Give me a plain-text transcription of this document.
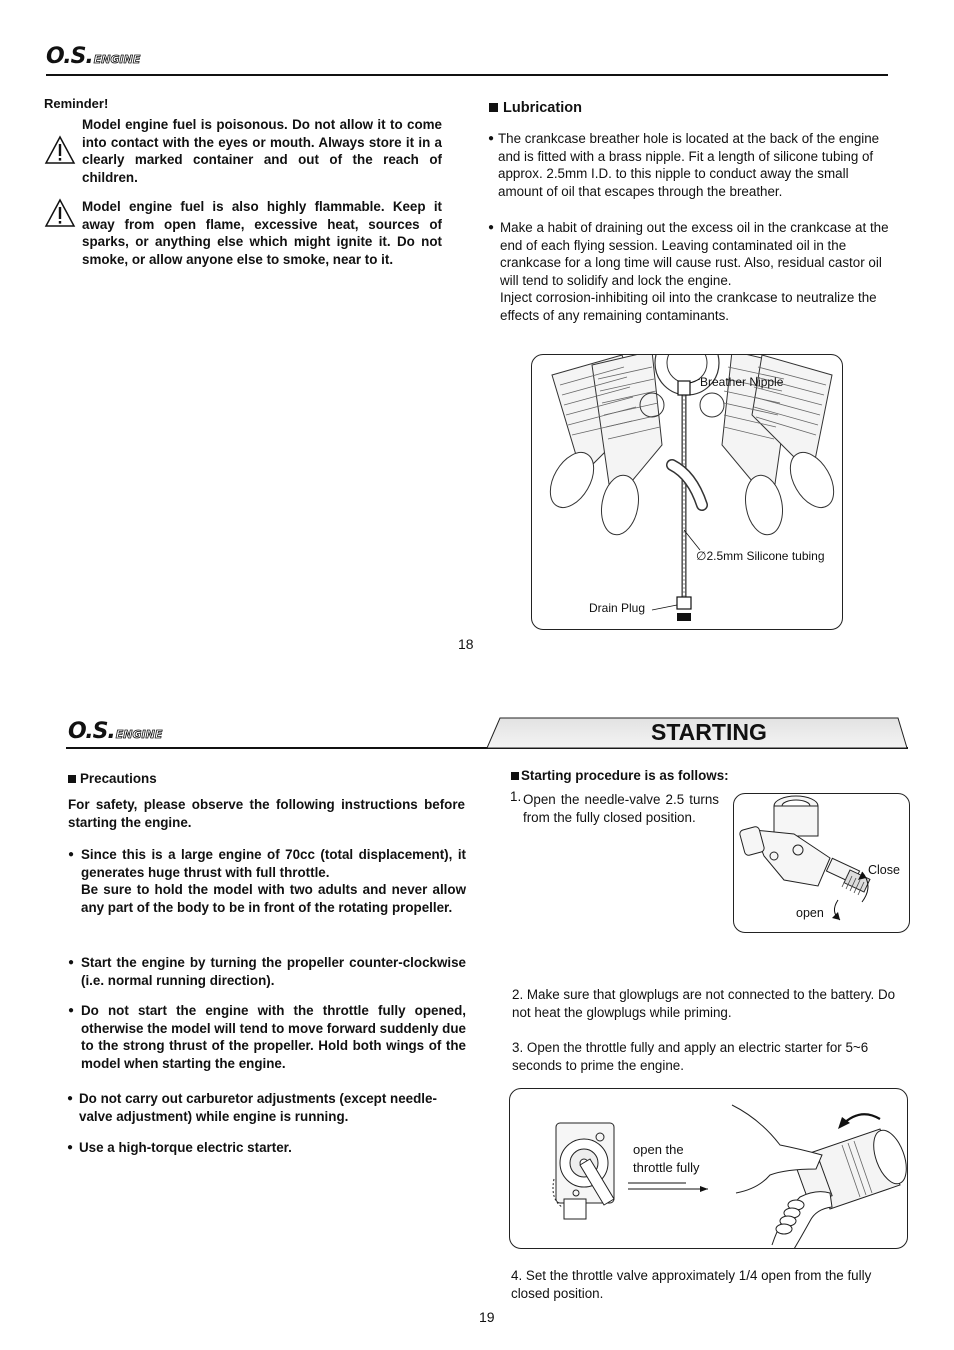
O.S.ENGINE
Reminder!
Model engine fuel is poisonous. Do not allow it to come into contact with the eyes or mouth. Always store it in a clearly marked container and out of the reach of children.
Model engine fuel is also highly flammable. Keep it away from open flame, excessive heat, sources of sparks, or anything else which might ignite it. Do not smoke, or allow anyone else to smoke, near to it.
Lubrication
● The crankcase breather hole is located at the back of the engine and is fitted with a brass nipple. Fit a length of silicone tubing of approx. 2.5mm I.D. to this nipple to conduct away the small amount of oil that escapes through the breather.
● Make a habit of draining out the excess oil in the crankcase at the end of each flying session. Leaving contaminated oil in the crankcase for a long time will cause rust. Also, residual castor oil will tend to solidify and lock the engine.
Inject corrosion-inhibiting oil into the crankcase to neutralize the effects of any remaining contaminants.
Breather Nipple
∅2.5mm Silicone tubing
Drain Plug
18
O.S.ENGINE	STARTING
Precautions
For safety, please observe the following instructions before starting the engine.
● Since this is a large engine of 70cc (total displacement), it generates huge thrust with full throttle.
Be sure to hold the model with two adults and never allow any part of the body to be in front of the rotating propeller.
● Start the engine by turning the propeller counter-clockwise (i.e. normal running direction).
● Do not start the engine with the throttle fully opened, otherwise the model will tend to move forward suddenly due to the strong thrust of the propeller. Hold both wings of the model when starting the engine.
● Do not carry out carburetor adjustments (except needle-valve adjustment) while engine is running.
● Use a high-torque electric starter.
Starting procedure is as follows:
1. Open the needle-valve 2.5 turns from the fully closed position.
Close
open
2. Make sure that glowplugs are not connected to the battery. Do not heat the glowplugs while priming.
3. Open the throttle fully and apply an electric starter for 5~6 seconds to prime the engine.
open the
throttle fully
4. Set the throttle valve approximately 1/4 open from the fully closed position.
19
